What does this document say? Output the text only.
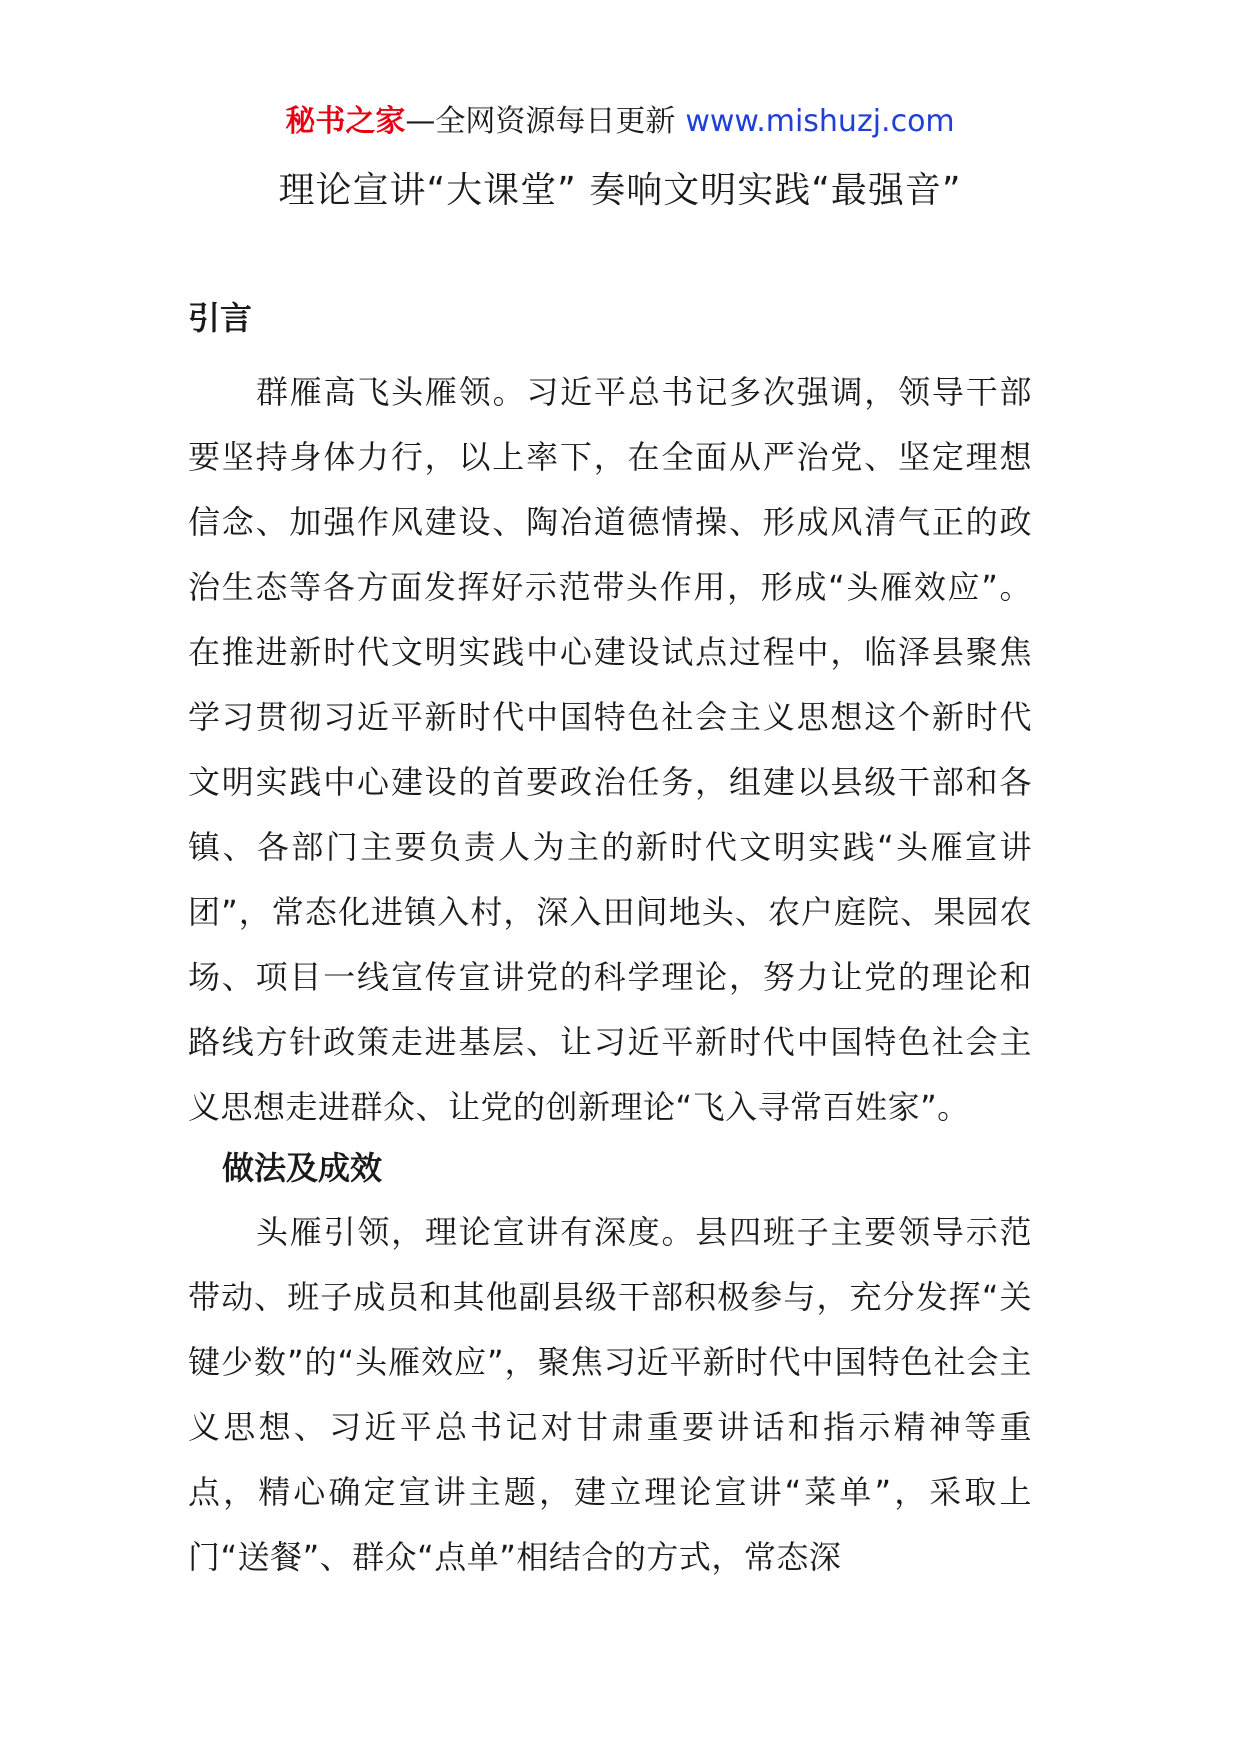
秘书之家—全网资源每日更新 www.mishuzj.com
理论宣讲“大课堂” 奏响文明实践“最强音”
引言

群雁高飞头雁领。习近平总书记多次强调，领导干部要坚持身体力行，以上率下，在全面从严治党、坚定理想信念、加强作风建设、陶冶道德情操、形成风清气正的政治生态等各方面发挥好示范带头作用，形成“头雁效应”。在推进新时代文明实践中心建设试点过程中，临泽县聚焦学习贯彻习近平新时代中国特色社会主义思想这个新时代文明实践中心建设的首要政治任务，组建以县级干部和各镇、各部门主要负责人为主的新时代文明实践“头雁宣讲团”，常态化进镇入村，深入田间地头、农户庭院、果园农场、项目一线宣传宣讲党的科学理论，努力让党的理论和路线方针政策走进基层、让习近平新时代中国特色社会主义思想走进群众、让党的创新理论“飞入寻常百姓家”。

做法及成效

头雁引领，理论宣讲有深度。县四班子主要领导示范带动、班子成员和其他副县级干部积极参与，充分发挥“关键少数”的“头雁效应”，聚焦习近平新时代中国特色社会主义思想、习近平总书记对甘肃重要讲话和指示精神等重点，精心确定宣讲主题，建立理论宣讲“菜单”，采取上门“送餐”、群众“点单”相结合的方式，常态深
